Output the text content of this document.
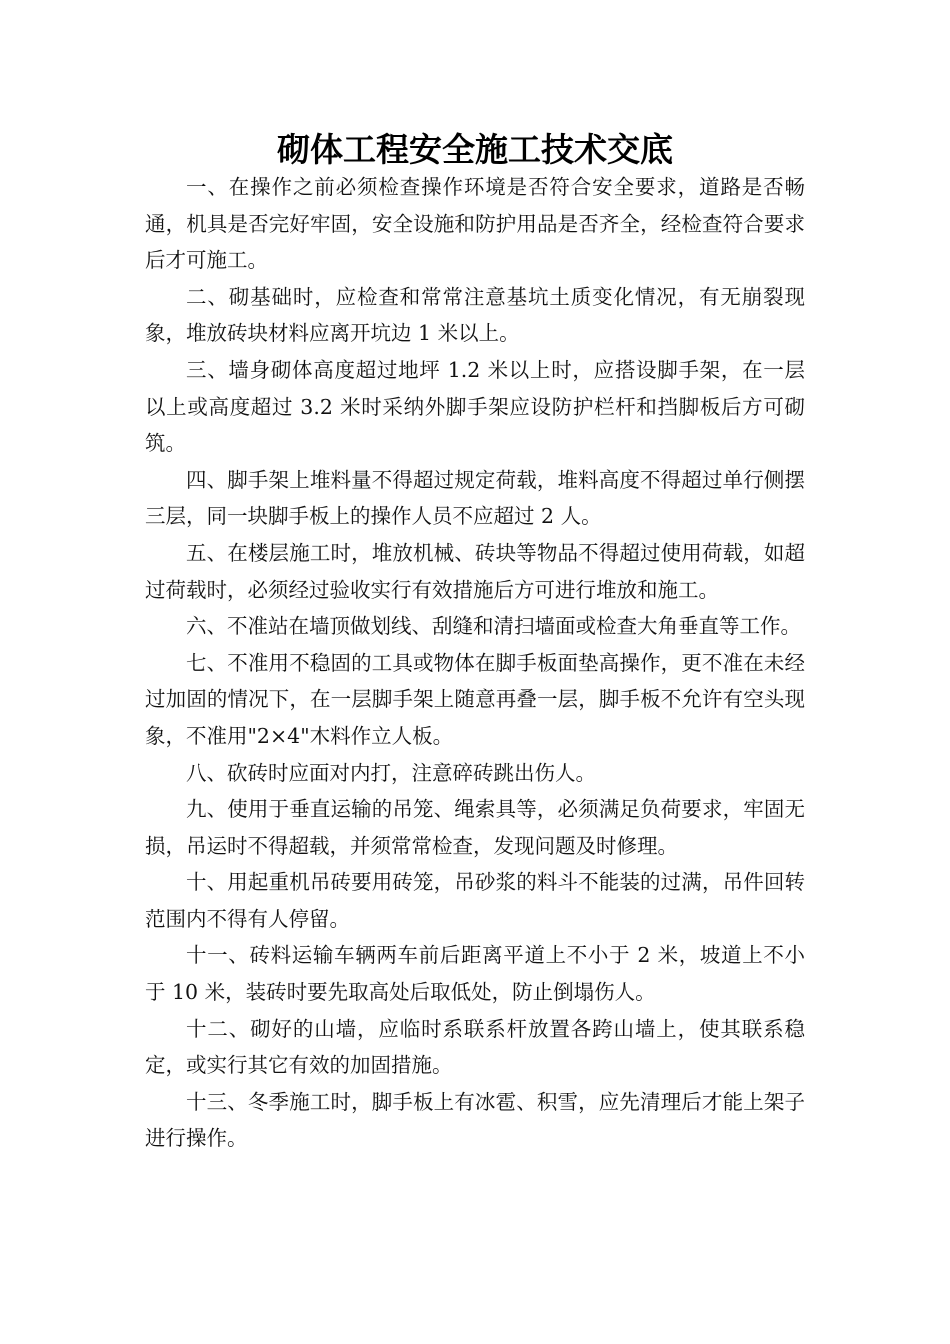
砌体工程安全施工技术交底

一、在操作之前必须检查操作环境是否符合安全要求，道路是否畅通，机具是否完好牢固，安全设施和防护用品是否齐全，经检查符合要求后才可施工。

二、砌基础时，应检查和常常注意基坑土质变化情况，有无崩裂现象，堆放砖块材料应离开坑边 1 米以上。

三、墙身砌体高度超过地坪 1.2 米以上时，应搭设脚手架，在一层以上或高度超过 3.2 米时采纳外脚手架应设防护栏杆和挡脚板后方可砌筑。

四、脚手架上堆料量不得超过规定荷载，堆料高度不得超过单行侧摆三层，同一块脚手板上的操作人员不应超过 2 人。

五、在楼层施工时，堆放机械、砖块等物品不得超过使用荷载，如超过荷载时，必须经过验收实行有效措施后方可进行堆放和施工。

六、不准站在墙顶做划线、刮缝和清扫墙面或检查大角垂直等工作。

七、不准用不稳固的工具或物体在脚手板面垫高操作，更不准在未经过加固的情况下，在一层脚手架上随意再叠一层，脚手板不允许有空头现象，不准用"2×4"木料作立人板。

八、砍砖时应面对内打，注意碎砖跳出伤人。

九、使用于垂直运输的吊笼、绳索具等，必须满足负荷要求，牢固无损，吊运时不得超载，并须常常检查，发现问题及时修理。

十、用起重机吊砖要用砖笼，吊砂浆的料斗不能装的过满，吊件回转范围内不得有人停留。

十一、砖料运输车辆两车前后距离平道上不小于 2 米，坡道上不小于 10 米，装砖时要先取高处后取低处，防止倒塌伤人。

十二、砌好的山墙，应临时系联系杆放置各跨山墙上，使其联系稳定，或实行其它有效的加固措施。

十三、冬季施工时，脚手板上有冰雹、积雪，应先清理后才能上架子进行操作。
